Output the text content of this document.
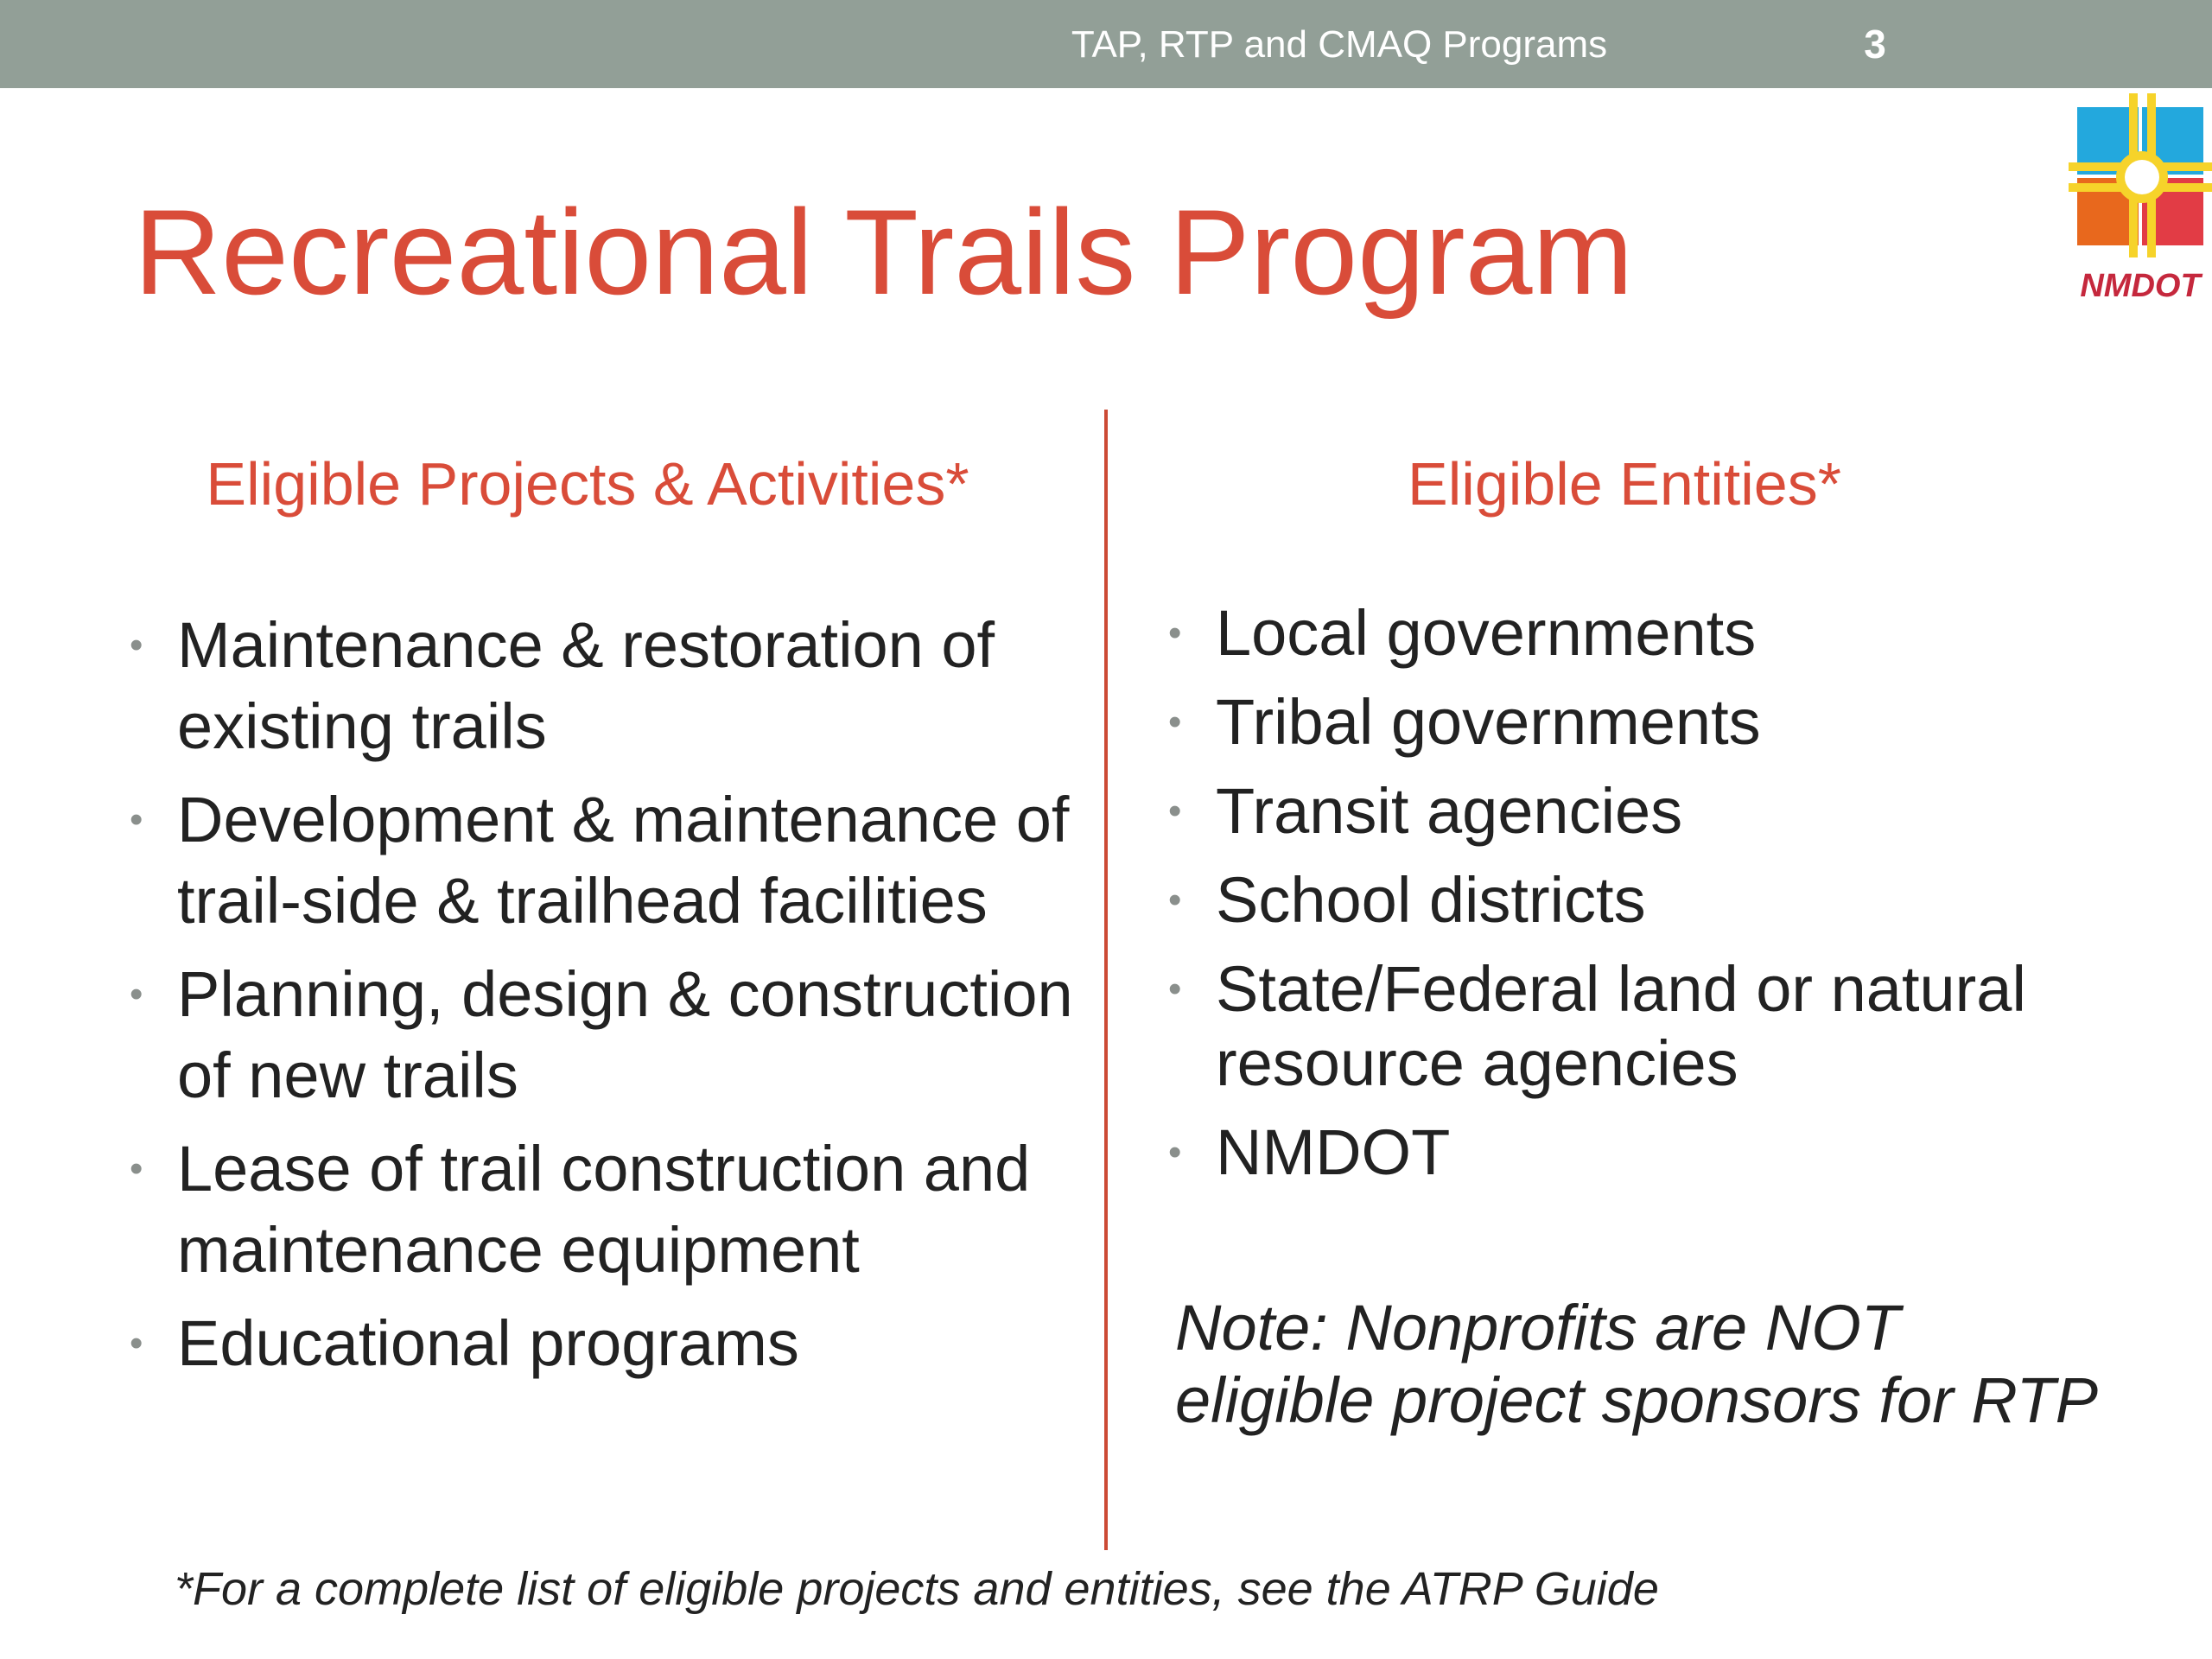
TAP, RTP and CMAQ Programs	3
NMDOT
Recreational Trails Program
Eligible Projects & Activities*	Eligible Entities*
• Maintenance & restoration of existing trails
• Development & maintenance of trail-side & trailhead facilities
• Planning, design & construction of new trails
• Lease of trail construction and maintenance equipment
• Educational programs
• Local governments
• Tribal governments
• Transit agencies
• School districts
• State/Federal land or natural resource agencies
• NMDOT
Note: Nonprofits are NOT eligible project sponsors for RTP
*For a complete list of eligible projects and entities, see the ATRP Guide
